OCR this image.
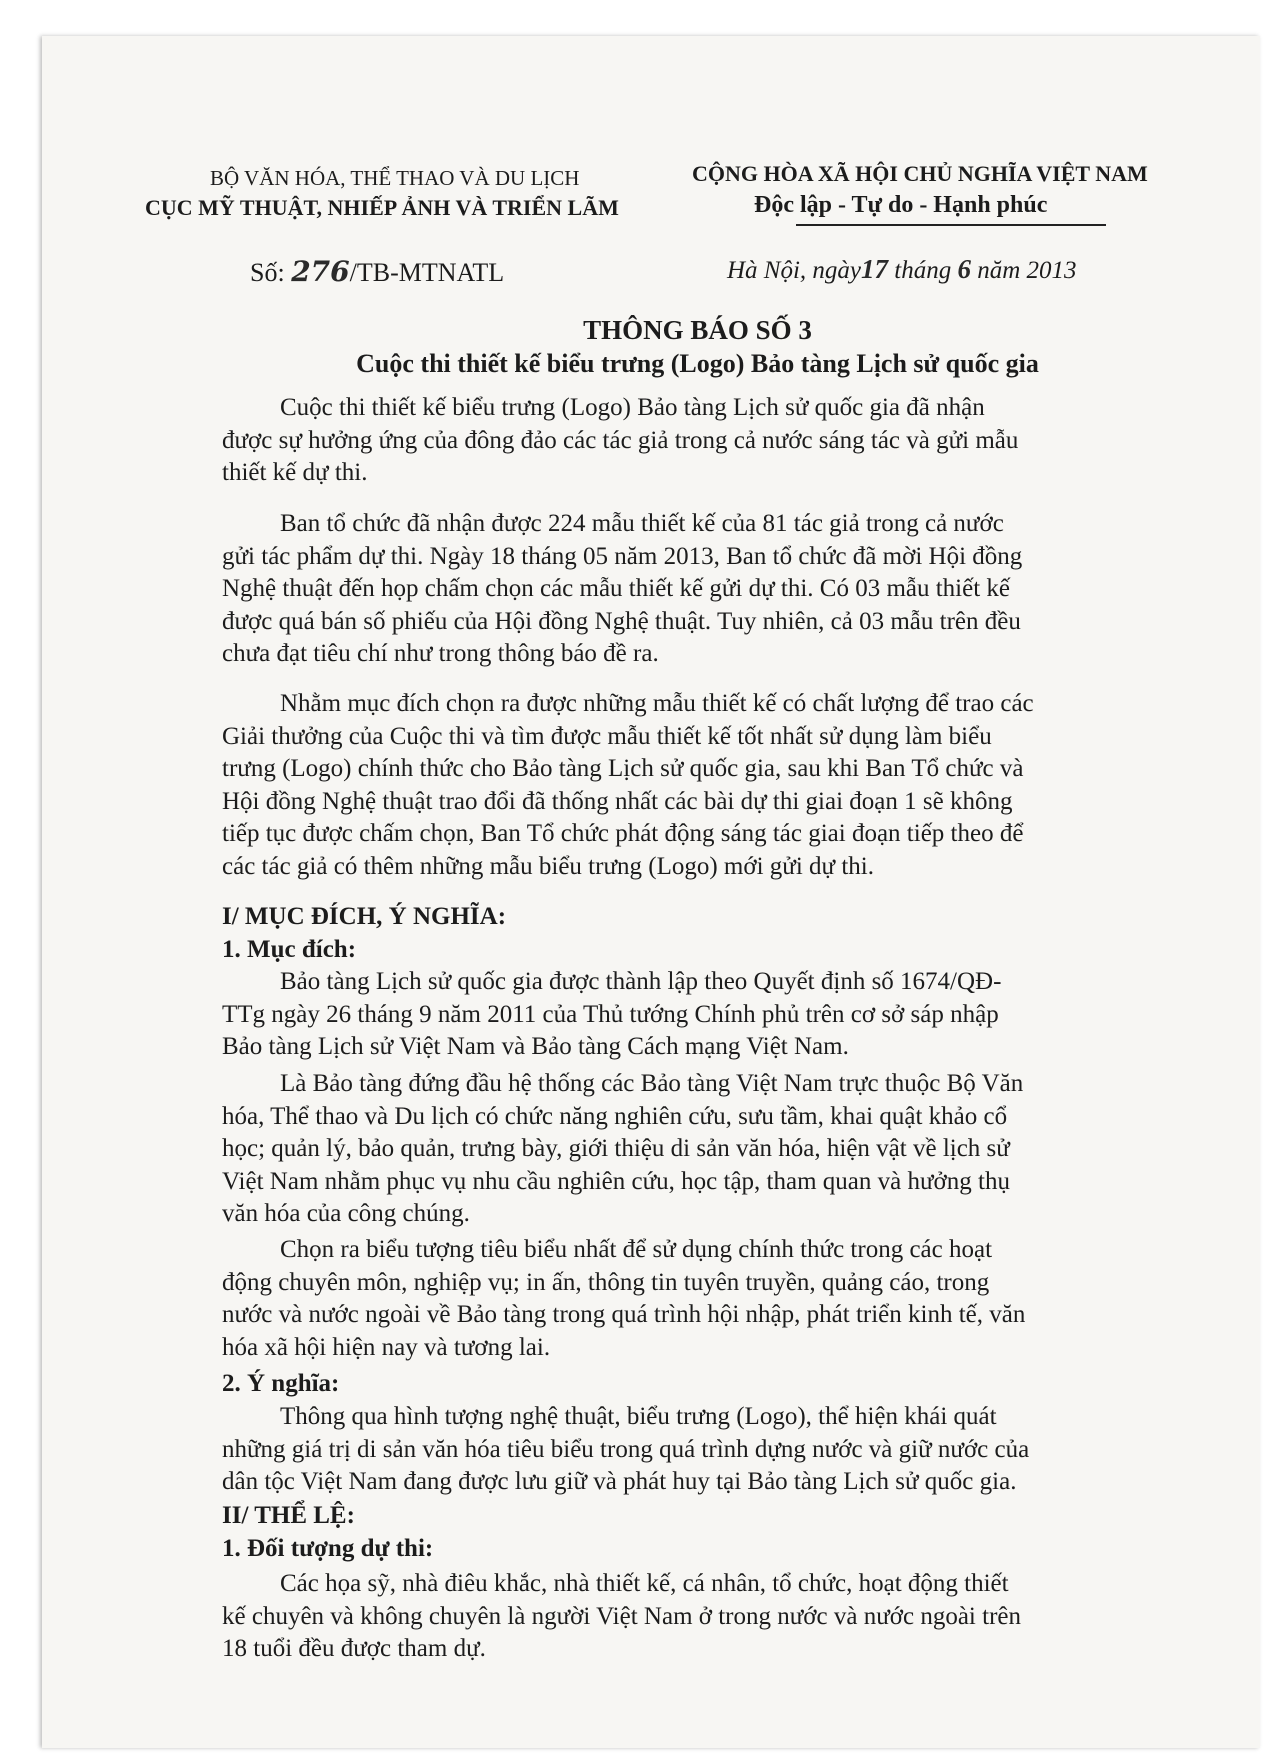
BỘ VĂN HÓA, THỂ THAO VÀ DU LỊCH
CỤC MỸ THUẬT, NHIẾP ẢNH VÀ TRIỂN LÃM
CỘNG HÒA XÃ HỘI CHỦ NGHĨA VIỆT NAM
Độc lập - Tự do - Hạnh phúc
Số: 276/TB-MTNATL	Hà Nội, ngày17 tháng 6 năm 2013
THÔNG BÁO SỐ 3
Cuộc thi thiết kế biểu trưng (Logo) Bảo tàng Lịch sử quốc gia
Cuộc thi thiết kế biểu trưng (Logo) Bảo tàng Lịch sử quốc gia đã nhận
được sự hưởng ứng của đông đảo các tác giả trong cả nước sáng tác và gửi mẫu
thiết kế dự thi.
Ban tổ chức đã nhận được 224 mẫu thiết kế của 81 tác giả trong cả nước
gửi tác phẩm dự thi. Ngày 18 tháng 05 năm 2013, Ban tổ chức đã mời Hội đồng
Nghệ thuật đến họp chấm chọn các mẫu thiết kế gửi dự thi. Có 03 mẫu thiết kế
được quá bán số phiếu của Hội đồng Nghệ thuật. Tuy nhiên, cả 03 mẫu trên đều
chưa đạt tiêu chí như trong thông báo đề ra.
Nhằm mục đích chọn ra được những mẫu thiết kế có chất lượng để trao các
Giải thưởng của Cuộc thi và tìm được mẫu thiết kế tốt nhất sử dụng làm biểu
trưng (Logo) chính thức cho Bảo tàng Lịch sử quốc gia, sau khi Ban Tổ chức và
Hội đồng Nghệ thuật trao đổi đã thống nhất các bài dự thi giai đoạn 1 sẽ không
tiếp tục được chấm chọn, Ban Tổ chức phát động sáng tác giai đoạn tiếp theo để
các tác giả có thêm những mẫu biểu trưng (Logo) mới gửi dự thi.
I/ MỤC ĐÍCH, Ý NGHĨA:
1. Mục đích:
Bảo tàng Lịch sử quốc gia được thành lập theo Quyết định số 1674/QĐ-
TTg ngày 26 tháng 9 năm 2011 của Thủ tướng Chính phủ trên cơ sở sáp nhập
Bảo tàng Lịch sử Việt Nam và Bảo tàng Cách mạng Việt Nam.
Là Bảo tàng đứng đầu hệ thống các Bảo tàng Việt Nam trực thuộc Bộ Văn
hóa, Thể thao và Du lịch có chức năng nghiên cứu, sưu tầm, khai quật khảo cổ
học; quản lý, bảo quản, trưng bày, giới thiệu di sản văn hóa, hiện vật về lịch sử
Việt Nam nhằm phục vụ nhu cầu nghiên cứu, học tập, tham quan và hưởng thụ
văn hóa của công chúng.
Chọn ra biểu tượng tiêu biểu nhất để sử dụng chính thức trong các hoạt
động chuyên môn, nghiệp vụ; in ấn, thông tin tuyên truyền, quảng cáo, trong
nước và nước ngoài về Bảo tàng trong quá trình hội nhập, phát triển kinh tế, văn
hóa xã hội hiện nay và tương lai.
2. Ý nghĩa:
Thông qua hình tượng nghệ thuật, biểu trưng (Logo), thể hiện khái quát
những giá trị di sản văn hóa tiêu biểu trong quá trình dựng nước và giữ nước của
dân tộc Việt Nam đang được lưu giữ và phát huy tại Bảo tàng Lịch sử quốc gia.
II/ THỂ LỆ:
1. Đối tượng dự thi:
Các họa sỹ, nhà điêu khắc, nhà thiết kế, cá nhân, tổ chức, hoạt động thiết
kế chuyên và không chuyên là người Việt Nam ở trong nước và nước ngoài trên
18 tuổi đều được tham dự.
